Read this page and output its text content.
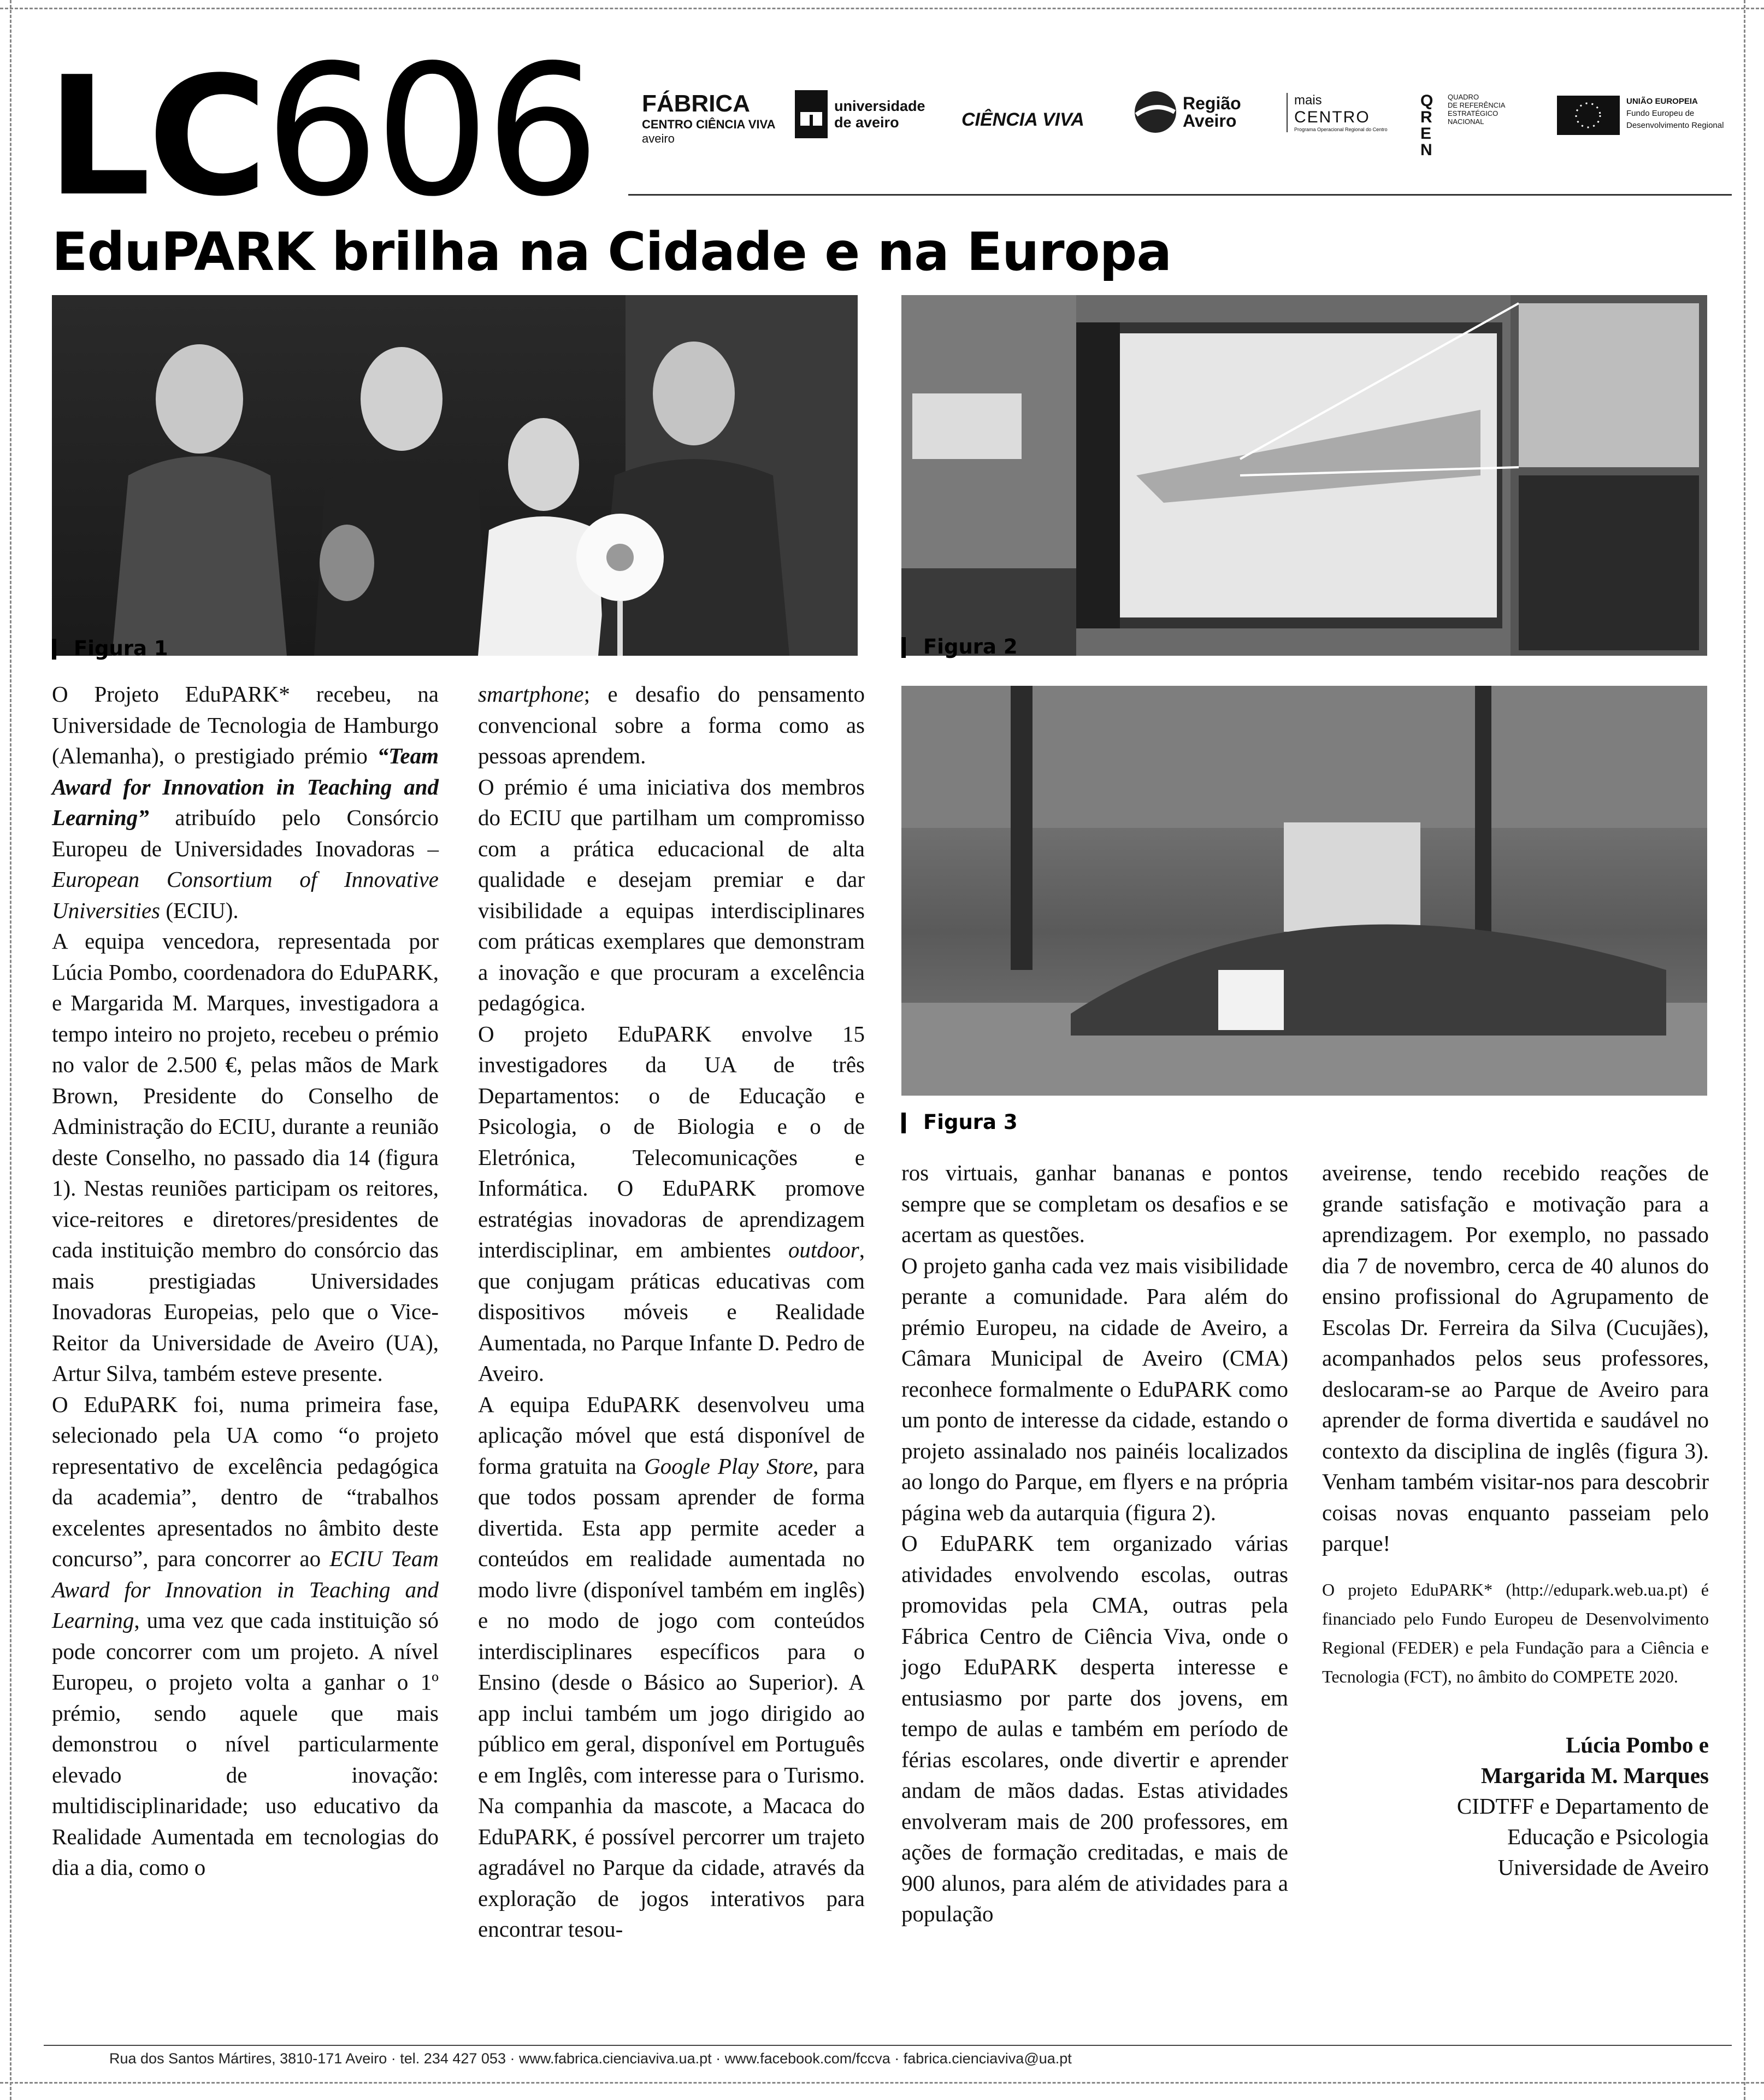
LC606 FÁBRICA
CENTRO CIÊNCIA VIVA
aveiro
universidade
de aveiro	CIÊNCIA VIVA
Região
Aveiro
mais
CENTRO
Programa Operacional Regional do Centro
QREN
QUADRO
DE REFERÊNCIA
ESTRATÉGICO
NACIONAL
UNIÃO EUROPEIA
Fundo Europeu de
Desenvolvimento Regional
EduPARK brilha na Cidade e na Europa
Figura 1	Figura 2
Figura 3

O Projeto EduPARK* recebeu, na Universidade de Tecnologia de Hamburgo (Alemanha), o prestigiado prémio “Team Award for Innovation in Teaching and Learning” atribuído pelo Consórcio Europeu de Universidades Inovadoras – European Consortium of Innovative Universities (ECIU).

A equipa vencedora, representada por Lúcia Pombo, coordenadora do EduPARK, e Margarida M. Marques, investigadora a tempo inteiro no projeto, recebeu o prémio no valor de 2.500 €, pelas mãos de Mark Brown, Presidente do Conselho de Administração do ECIU, durante a reunião deste Conselho, no passado dia 14 (figura 1). Nestas reuniões participam os reitores, vice-reitores e diretores/presidentes de cada instituição membro do consórcio das mais prestigiadas Universidades Inovadoras Europeias, pelo que o Vice-Reitor da Universidade de Aveiro (UA), Artur Silva, também esteve presente.

O EduPARK foi, numa primeira fase, selecionado pela UA como “o projeto representativo de excelência pedagógica da academia”, dentro de “trabalhos excelentes apresentados no âmbito deste concurso”, para concorrer ao ECIU Team Award for Innovation in Teaching and Learning, uma vez que cada instituição só pode concorrer com um projeto. A nível Europeu, o projeto volta a ganhar o 1º prémio, sendo aquele que mais demonstrou o nível particularmente elevado de inovação: multidisciplinaridade; uso educativo da Realidade Aumentada em tecnologias do dia a dia, como o

smartphone; e desafio do pensamento convencional sobre a forma como as pessoas aprendem.

O prémio é uma iniciativa dos membros do ECIU que partilham um compromisso com a prática educacional de alta qualidade e desejam premiar e dar visibilidade a equipas interdisciplinares com práticas exemplares que demonstram a inovação e que procuram a excelência pedagógica.

O projeto EduPARK envolve 15 investigadores da UA de três Departamentos: o de Educação e Psicologia, o de Biologia e o de Eletrónica, Telecomunicações e Informática. O EduPARK promove estratégias inovadoras de aprendizagem interdisciplinar, em ambientes outdoor, que conjugam práticas educativas com dispositivos móveis e Realidade Aumentada, no Parque Infante D. Pedro de Aveiro.

A equipa EduPARK desenvolveu uma aplicação móvel que está disponível de forma gratuita na Google Play Store, para que todos possam aprender de forma divertida. Esta app permite aceder a conteúdos em realidade aumentada no modo livre (disponível também em inglês) e no modo de jogo com conteúdos interdisciplinares específicos para o Ensino (desde o Básico ao Superior). A app inclui também um jogo dirigido ao público em geral, disponível em Português e em Inglês, com interesse para o Turismo. Na companhia da mascote, a Macaca do EduPARK, é possível percorrer um trajeto agradável no Parque da cidade, através da exploração de jogos interativos para encontrar tesou-

ros virtuais, ganhar bananas e pontos sempre que se completam os desafios e se acertam as questões.

O projeto ganha cada vez mais visibilidade perante a comunidade. Para além do prémio Europeu, na cidade de Aveiro, a Câmara Municipal de Aveiro (CMA) reconhece formalmente o EduPARK como um ponto de interesse da cidade, estando o projeto assinalado nos painéis localizados ao longo do Parque, em flyers e na própria página web da autarquia (figura 2).

O EduPARK tem organizado várias atividades envolvendo escolas, outras promovidas pela CMA, outras pela Fábrica Centro de Ciência Viva, onde o jogo EduPARK desperta interesse e entusiasmo por parte dos jovens, em tempo de aulas e também em período de férias escolares, onde divertir e aprender andam de mãos dadas. Estas atividades envolveram mais de 200 professores, em ações de formação creditadas, e mais de 900 alunos, para além de atividades para a população

aveirense, tendo recebido reações de grande satisfação e motivação para a aprendizagem. Por exemplo, no passado dia 7 de novembro, cerca de 40 alunos do ensino profissional do Agrupamento de Escolas Dr. Ferreira da Silva (Cucujães), acompanhados pelos seus professores, deslocaram-se ao Parque de Aveiro para aprender de forma divertida e saudável no contexto da disciplina de inglês (figura 3). Venham também visitar-nos para descobrir coisas novas enquanto passeiam pelo parque!

O projeto EduPARK* (http://edupark.web.ua.pt) é financiado pelo Fundo Europeu de Desenvolvimento Regional (FEDER) e pela Fundação para a Ciência e Tecnologia (FCT), no âmbito do COMPETE 2020.

Lúcia Pombo e
Margarida M. Marques
CIDTFF e Departamento de
Educação e Psicologia
Universidade de Aveiro
Rua dos Santos Mártires, 3810-171 Aveiro · tel. 234 427 053 · www.fabrica.cienciaviva.ua.pt · www.facebook.com/fccva · fabrica.cienciaviva@ua.pt
